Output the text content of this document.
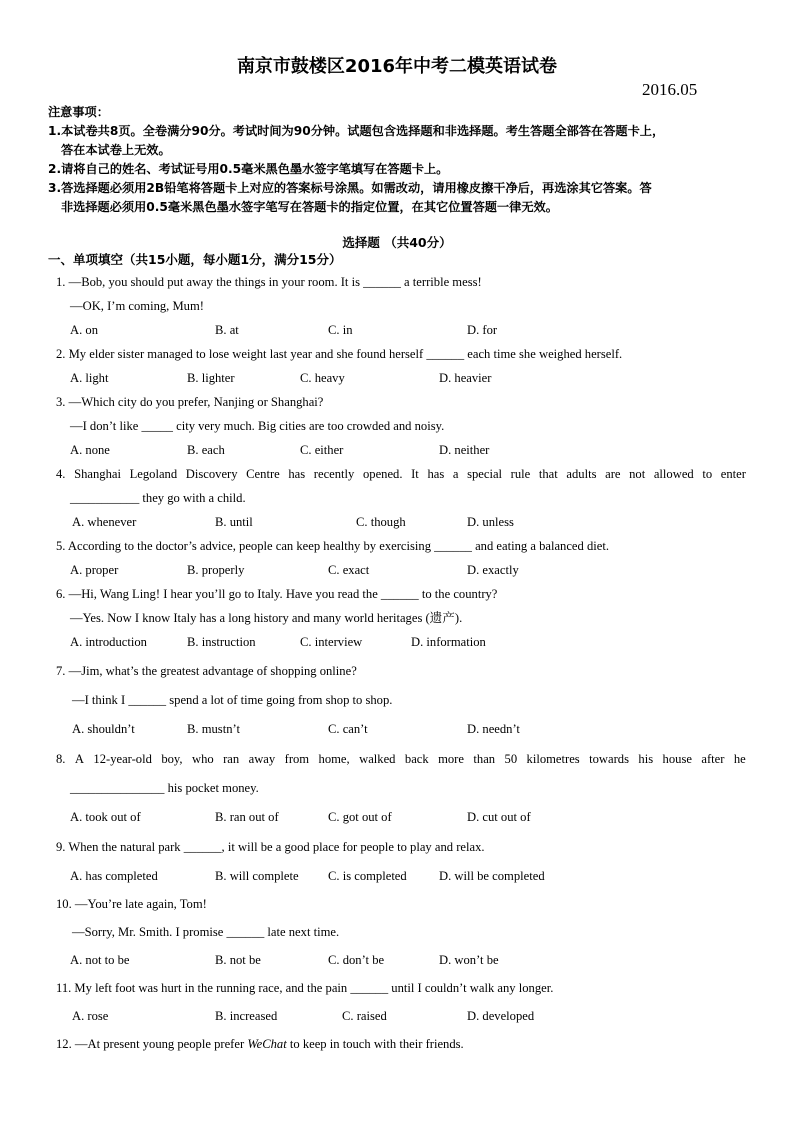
南京市鼓楼区2016年中考二模英语试卷
2016.05
注意事项：
1.本试卷共8页。全卷满分90分。考试时间为90分钟。试题包含选择题和非选择题。考生答题全部答在答题卡上，
答在本试卷上无效。
2.请将自己的姓名、考试证号用0.5毫米黑色墨水签字笔填写在答题卡上。
3.答选择题必须用2B铅笔将答题卡上对应的答案标号涂黑。如需改动，请用橡皮擦干净后，再选涂其它答案。答
非选择题必须用0.5毫米黑色墨水签字笔写在答题卡的指定位置，在其它位置答题一律无效。
选择题 （共40分）
一、单项填空（共15小题，每小题1分，满分15分）
1. —Bob, you should put away the things in your room. It is ______ a terrible mess!
—OK, I’m coming, Mum!
A. on	B. at	C. in	D. for
2. My elder sister managed to lose weight last year and she found herself ______ each time she weighed herself.
A. light	B. lighter	C. heavy	D. heavier
3. —Which city do you prefer, Nanjing or Shanghai?
—I don’t like _____ city very much. Big cities are too crowded and noisy.
A. none	B. each	C. either	D. neither
4. Shanghai Legoland Discovery Centre has recently opened. It has a special rule that adults are not allowed to enter
___________ they go with a child.
A. whenever	B. until	C. though	D. unless
5. According to the doctor’s advice, people can keep healthy by exercising ______ and eating a balanced diet.
A. proper	B. properly	C. exact	D. exactly
6. —Hi, Wang Ling! I hear you’ll go to Italy. Have you read the ______ to the country?
—Yes. Now I know Italy has a long history and many world heritages (遗产).
A. introduction	B. instruction	C. interview	D. information
7. —Jim, what’s the greatest advantage of shopping online?
—I think I ______ spend a lot of time going from shop to shop.
A. shouldn’t	B. mustn’t	C. can’t	D. needn’t
8. A 12-year-old boy, who ran away from home, walked back more than 50 kilometres towards his house after he
_______________ his pocket money.
A. took out of	B. ran out of	C. got out of	D. cut out of
9. When the natural park ______, it will be a good place for people to play and relax.
A. has completed	B. will complete C. is completed	D. will be completed
10. —You’re late again, Tom!
—Sorry, Mr. Smith. I promise ______ late next time.
A. not to be	B. not be	C. don’t be	D. won’t be
11. My left foot was hurt in the running race, and the pain ______ until I couldn’t walk any longer.
A. rose	B. increased	C. raised	D. developed
12. —At present young people prefer WeChat to keep in touch with their friends.
